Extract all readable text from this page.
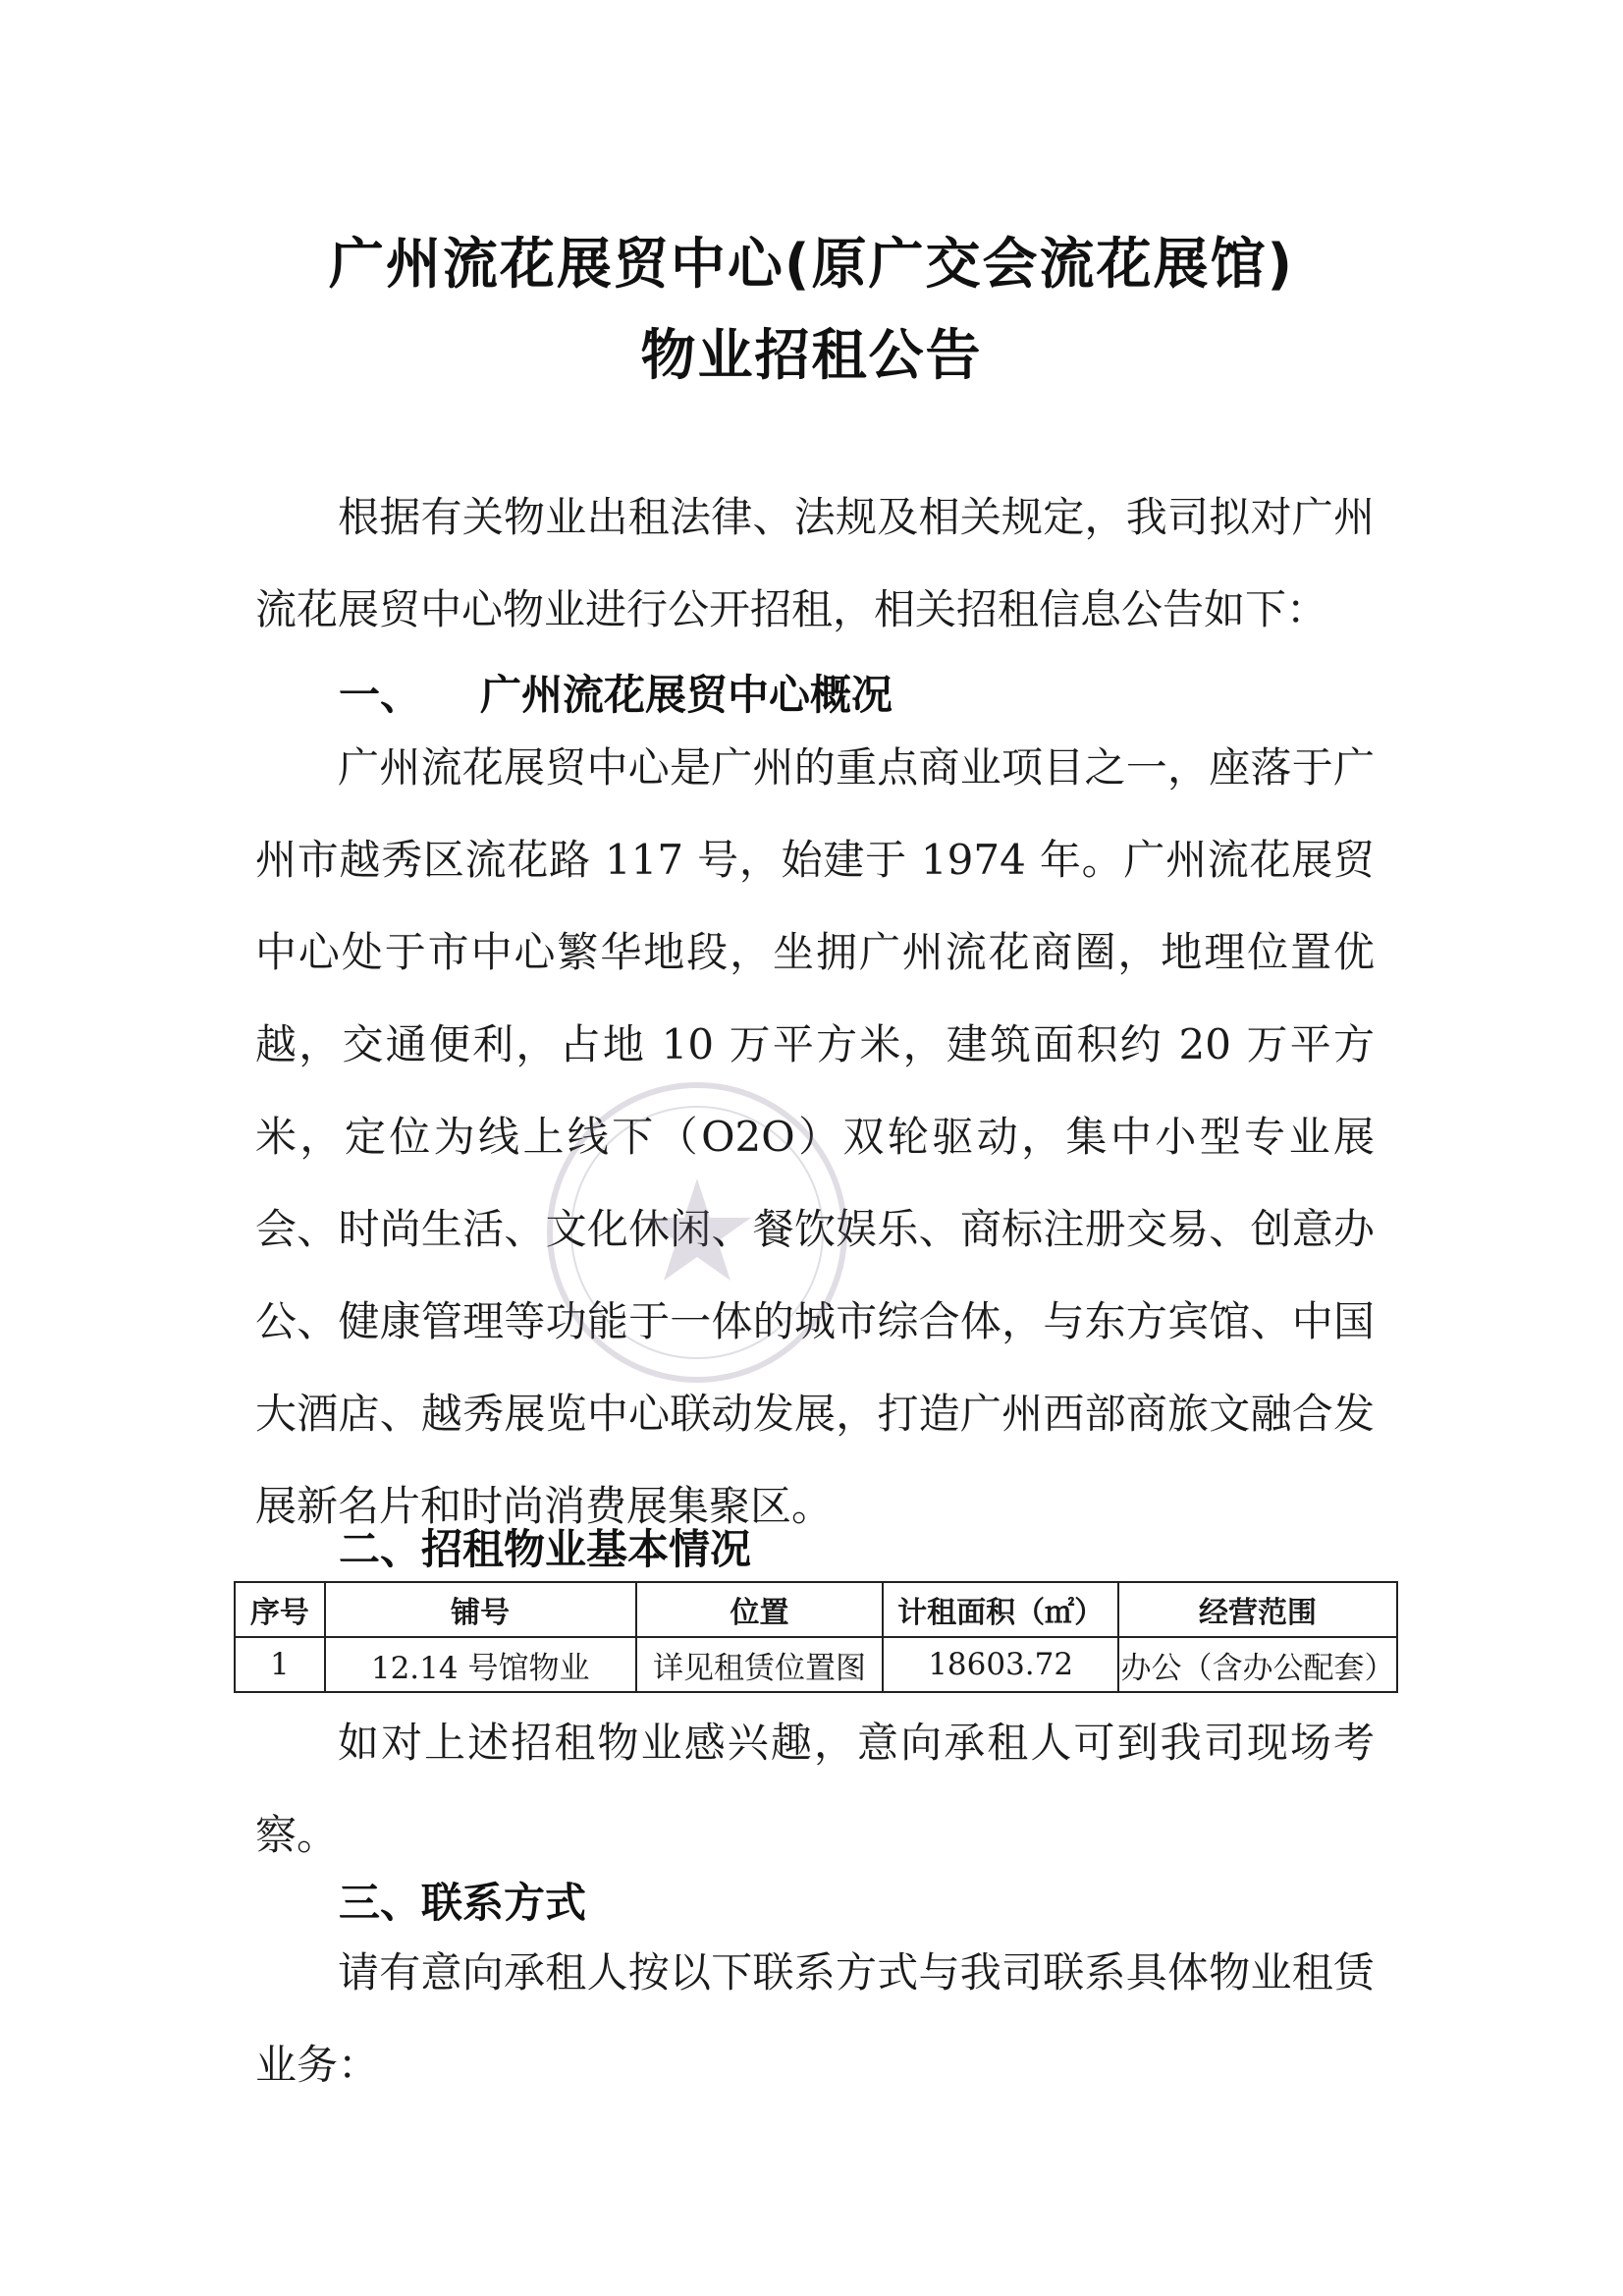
广州流花展贸中心(原广交会流花展馆)
物业招租公告
根据有关物业出租法律、法规及相关规定，我司拟对广州流花展贸中心物业进行公开招租，相关招租信息公告如下：
一、 广州流花展贸中心概况
广州流花展贸中心是广州的重点商业项目之一，座落于广州市越秀区流花路 117 号，始建于 1974 年。广州流花展贸中心处于市中心繁华地段，坐拥广州流花商圈，地理位置优越，交通便利，占地 10 万平方米，建筑面积约 20 万平方米，定位为线上线下（O2O）双轮驱动，集中小型专业展会、时尚生活、文化休闲、餐饮娱乐、商标注册交易、创意办公、健康管理等功能于一体的城市综合体，与东方宾馆、中国大酒店、越秀展览中心联动发展，打造广州西部商旅文融合发展新名片和时尚消费展集聚区。
二、招租物业基本情况
序号	铺号	位置	计租面积（㎡）	经营范围
1	12.14 号馆物业	详见租赁位置图	18603.72	办公（含办公配套）
如对上述招租物业感兴趣，意向承租人可到我司现场考察。
三、联系方式
请有意向承租人按以下联系方式与我司联系具体物业租赁业务：
